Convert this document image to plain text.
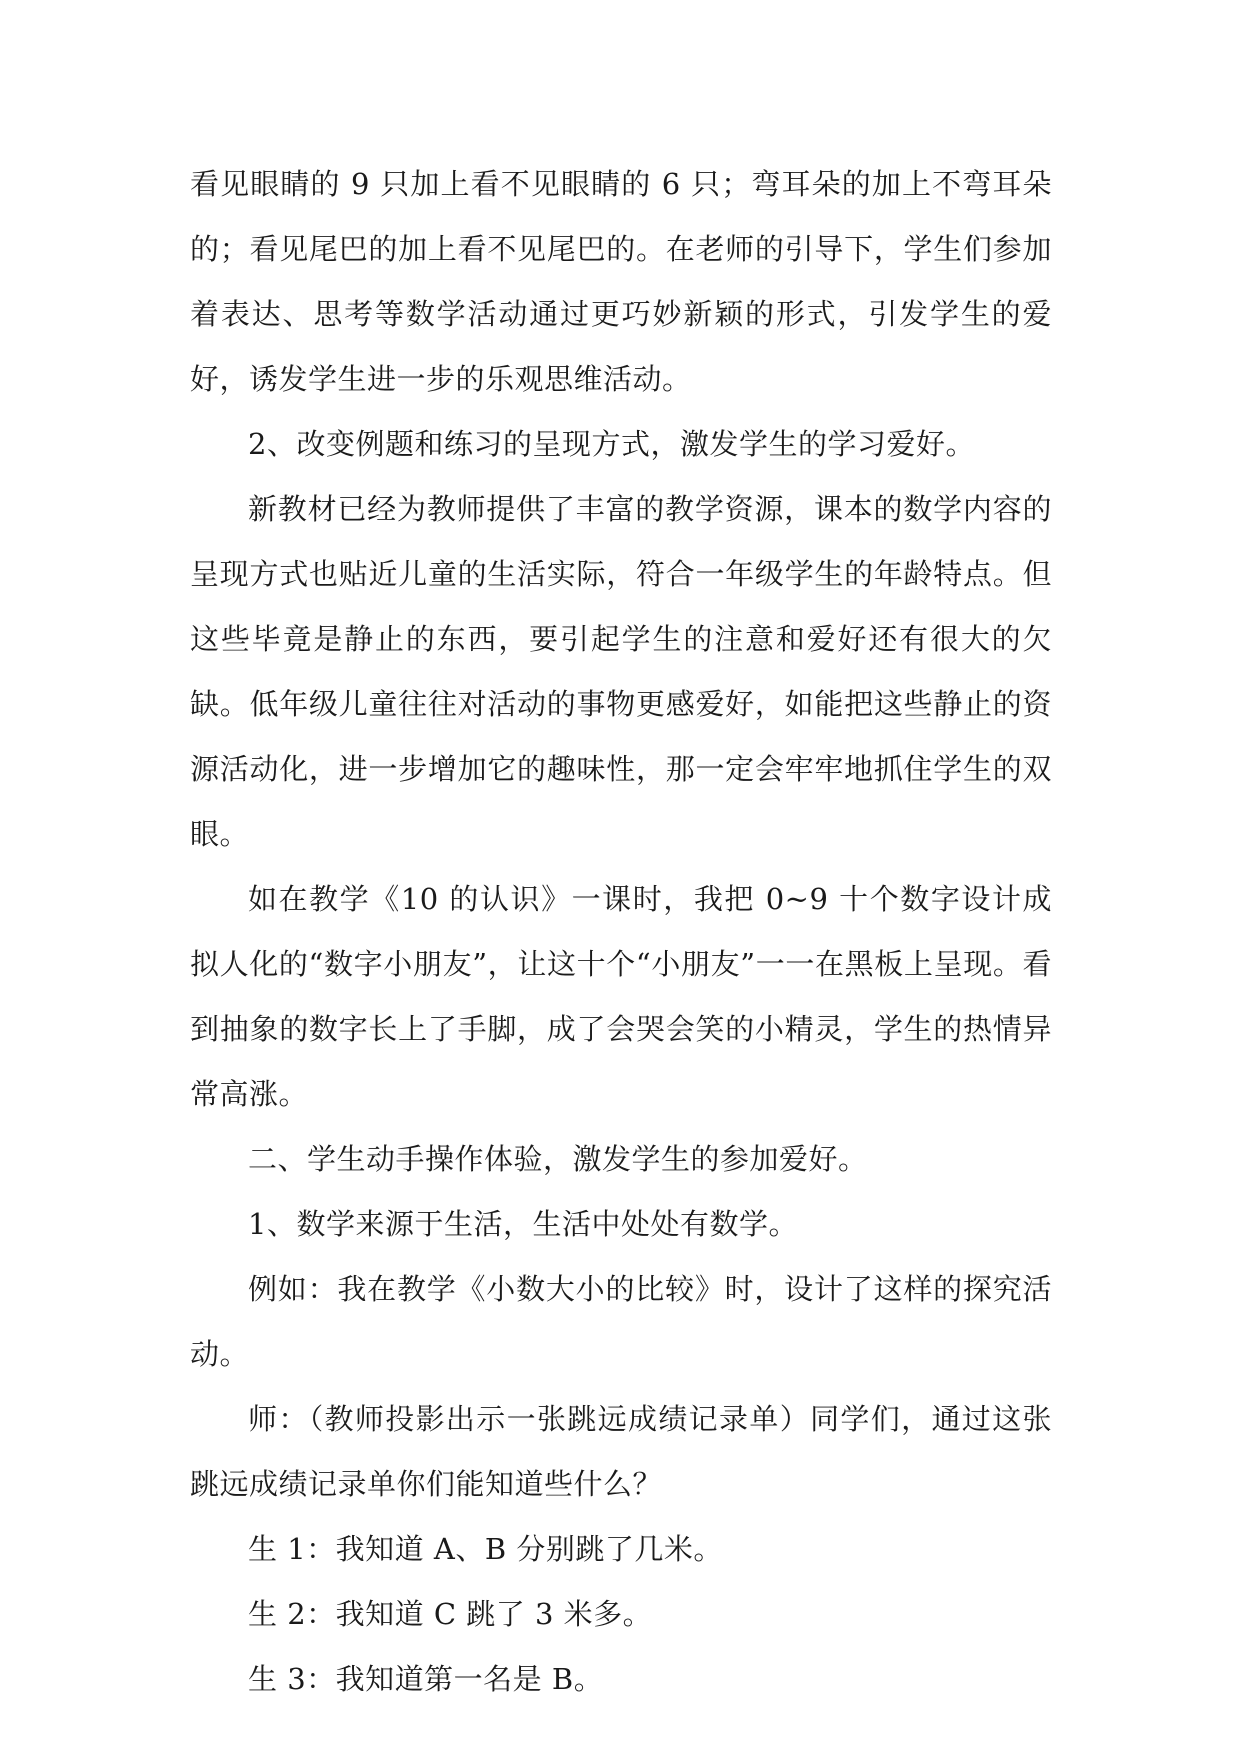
看见眼睛的 9 只加上看不见眼睛的 6 只；弯耳朵的加上不弯耳朵的；看见尾巴的加上看不见尾巴的。在老师的引导下，学生们参加着表达、思考等数学活动通过更巧妙新颖的形式，引发学生的爱好，诱发学生进一步的乐观思维活动。

2、改变例题和练习的呈现方式，激发学生的学习爱好。

新教材已经为教师提供了丰富的教学资源，课本的数学内容的呈现方式也贴近儿童的生活实际，符合一年级学生的年龄特点。但这些毕竟是静止的东西，要引起学生的注意和爱好还有很大的欠缺。低年级儿童往往对活动的事物更感爱好，如能把这些静止的资源活动化，进一步增加它的趣味性，那一定会牢牢地抓住学生的双眼。

如在教学《10 的认识》一课时，我把 0~9 十个数字设计成拟人化的“数字小朋友”，让这十个“小朋友”一一在黑板上呈现。看到抽象的数字长上了手脚，成了会哭会笑的小精灵，学生的热情异常高涨。

二、学生动手操作体验，激发学生的参加爱好。

1、数学来源于生活，生活中处处有数学。

例如：我在教学《小数大小的比较》时，设计了这样的探究活动。

师：（教师投影出示一张跳远成绩记录单）同学们，通过这张跳远成绩记录单你们能知道些什么？

生 1：我知道 A、B 分别跳了几米。

生 2：我知道 C 跳了 3 米多。

生 3：我知道第一名是 B。
